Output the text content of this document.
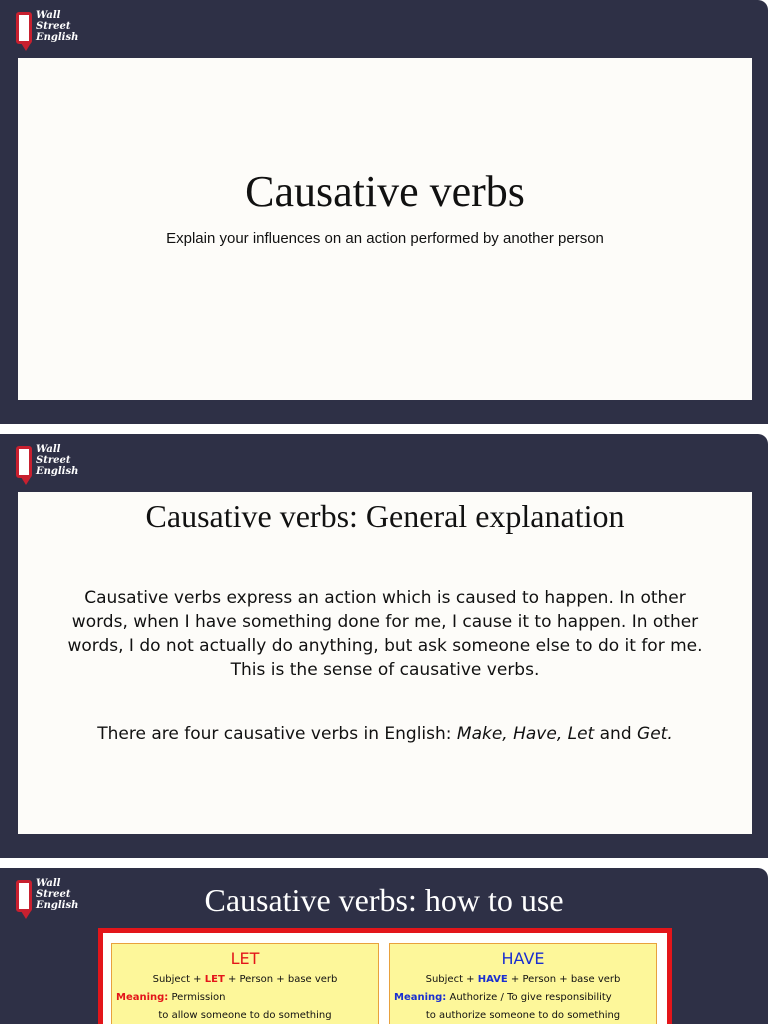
Wall
Street
English
Causative verbs
Explain your influences on an action performed by another person
Wall
Street
English
Causative verbs: General explanation
Causative verbs express an action which is caused to happen. In other words, when I have something done for me, I cause it to happen. In other words, I do not actually do anything, but ask someone else to do it for me. This is the sense of causative verbs.
There are four causative verbs in English: Make, Have, Let and Get.
Wall
Street
English	Causative verbs: how to use
LET
Subject + LET + Person + base verb
Meaning: Permission
to allow someone to do something
HAVE
Subject + HAVE + Person + base verb
Meaning: Authorize / To give responsibility
to authorize someone to do something
